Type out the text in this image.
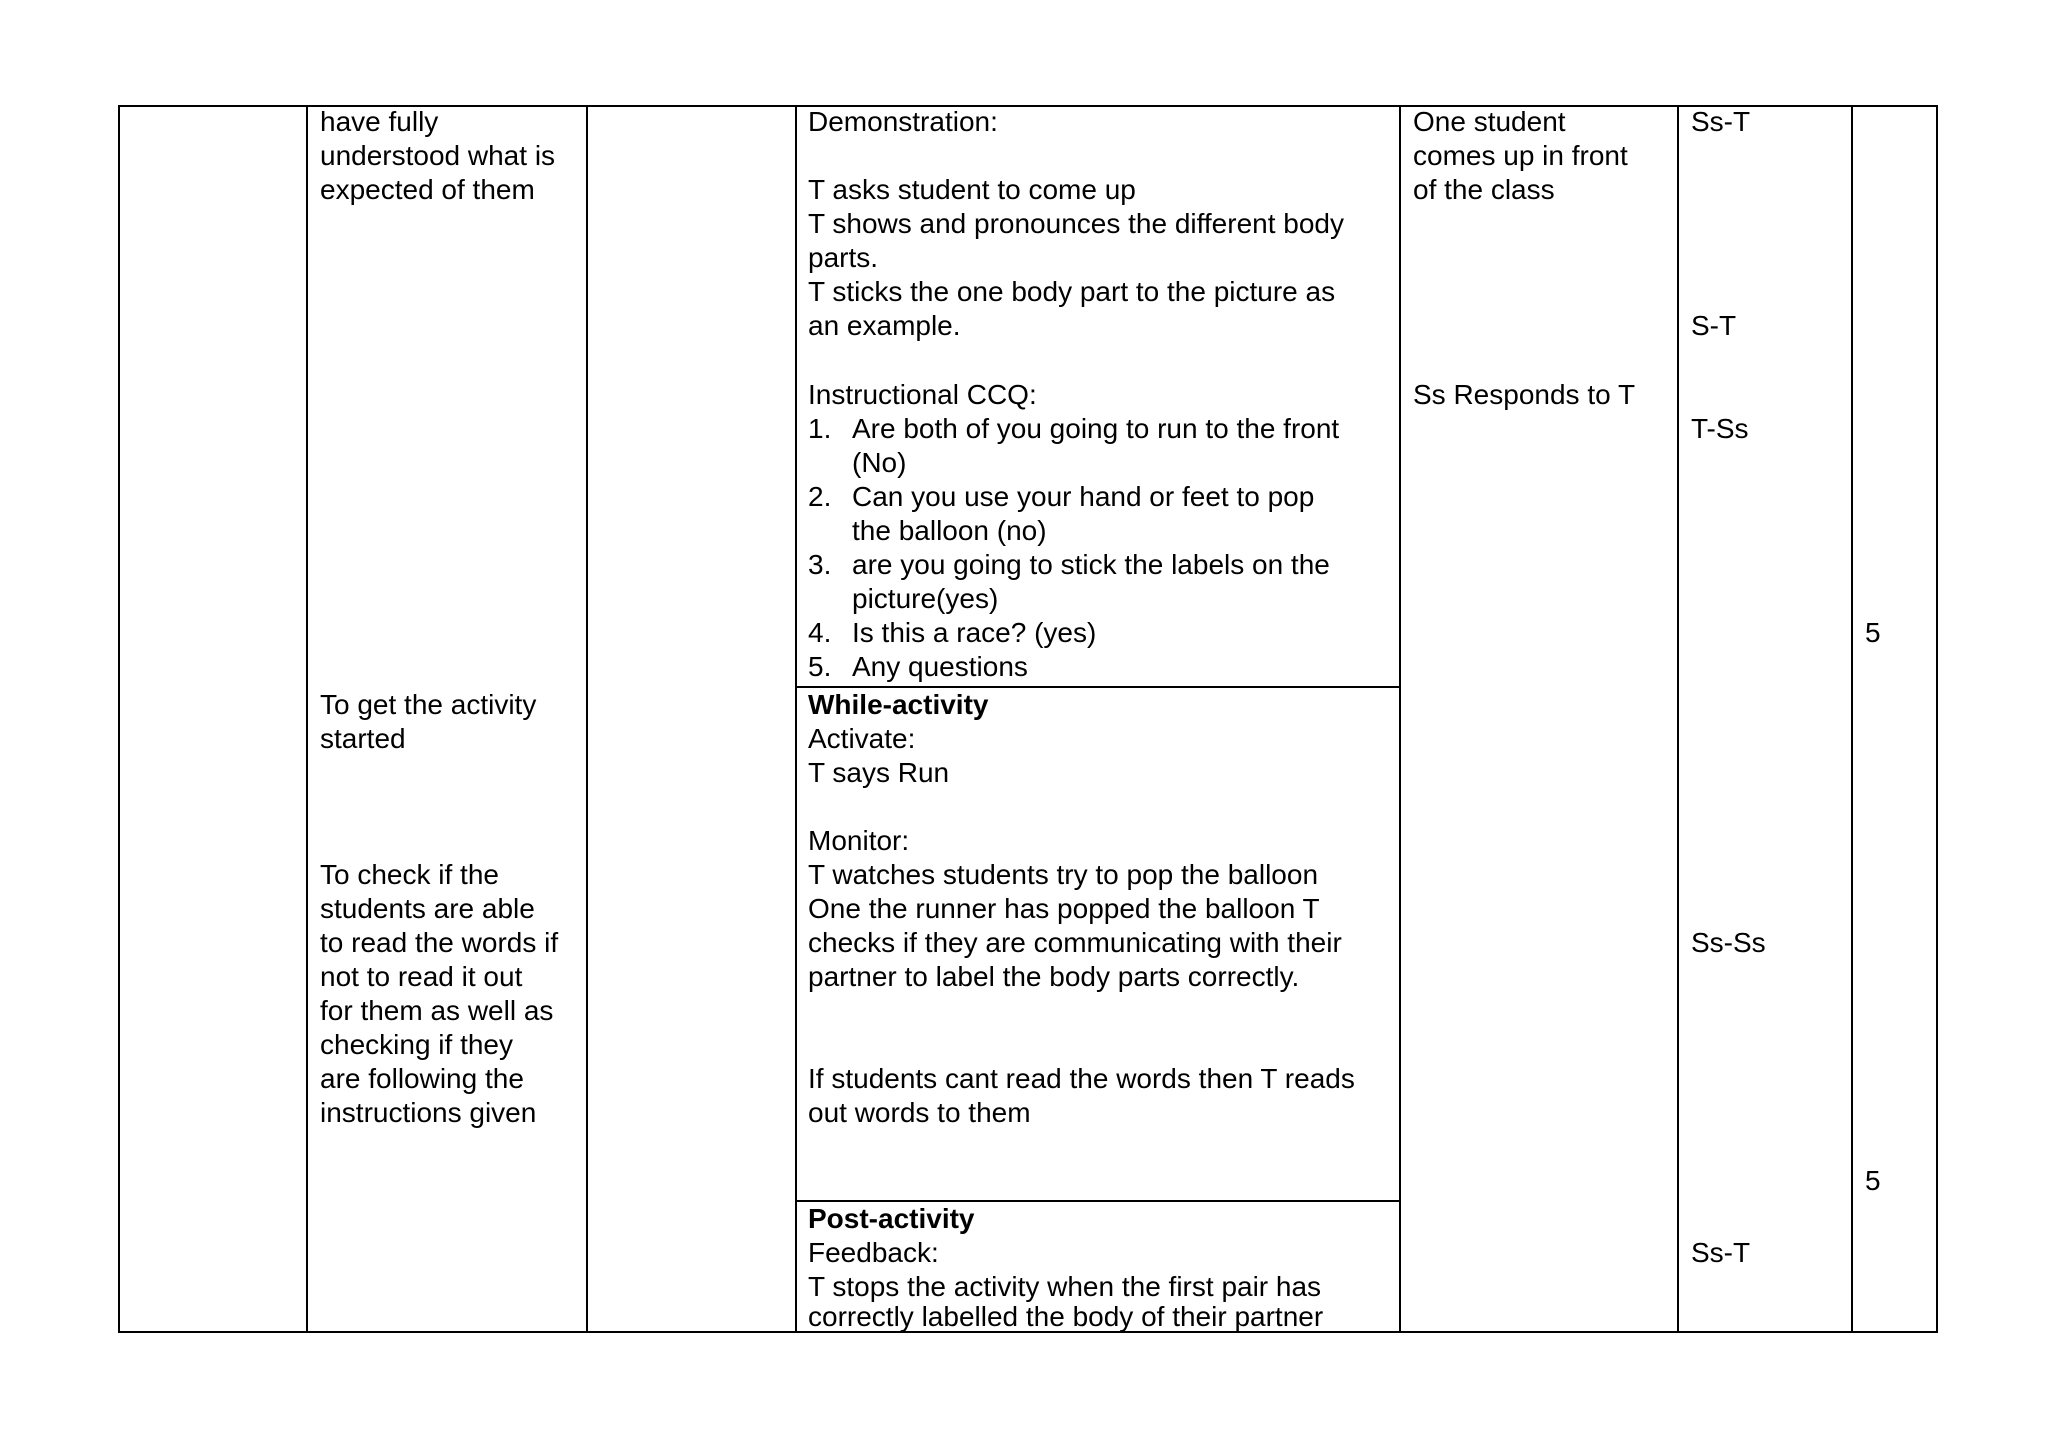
have fully
understood what is
expected of them
To get the activity
started
To check if the
students are able
to read the words if
not to read it out
for them as well as
checking if they
are following the
instructions given
Demonstration:
T asks student to come up
T shows and pronounces the different body
parts.
T sticks the one body part to the picture as
an example.
Instructional CCQ:
1. Are both of you going to run to the front
(No)
2. Can you use your hand or feet to pop
the balloon (no)
3. are you going to stick the labels on the
picture(yes)
4. Is this a race? (yes)
5. Any questions
While-activity
Activate:
T says Run
Monitor:
T watches students try to pop the balloon
One the runner has popped the balloon T
checks if they are communicating with their
partner to label the body parts correctly.
If students cant read the words then T reads
out words to them
Post-activity
Feedback:
T stops the activity when the first pair has
correctly labelled the body of their partner
One student
comes up in front
of the class
Ss Responds to T
Ss-T
S-T
T-Ss
Ss-Ss
Ss-T
5
5
